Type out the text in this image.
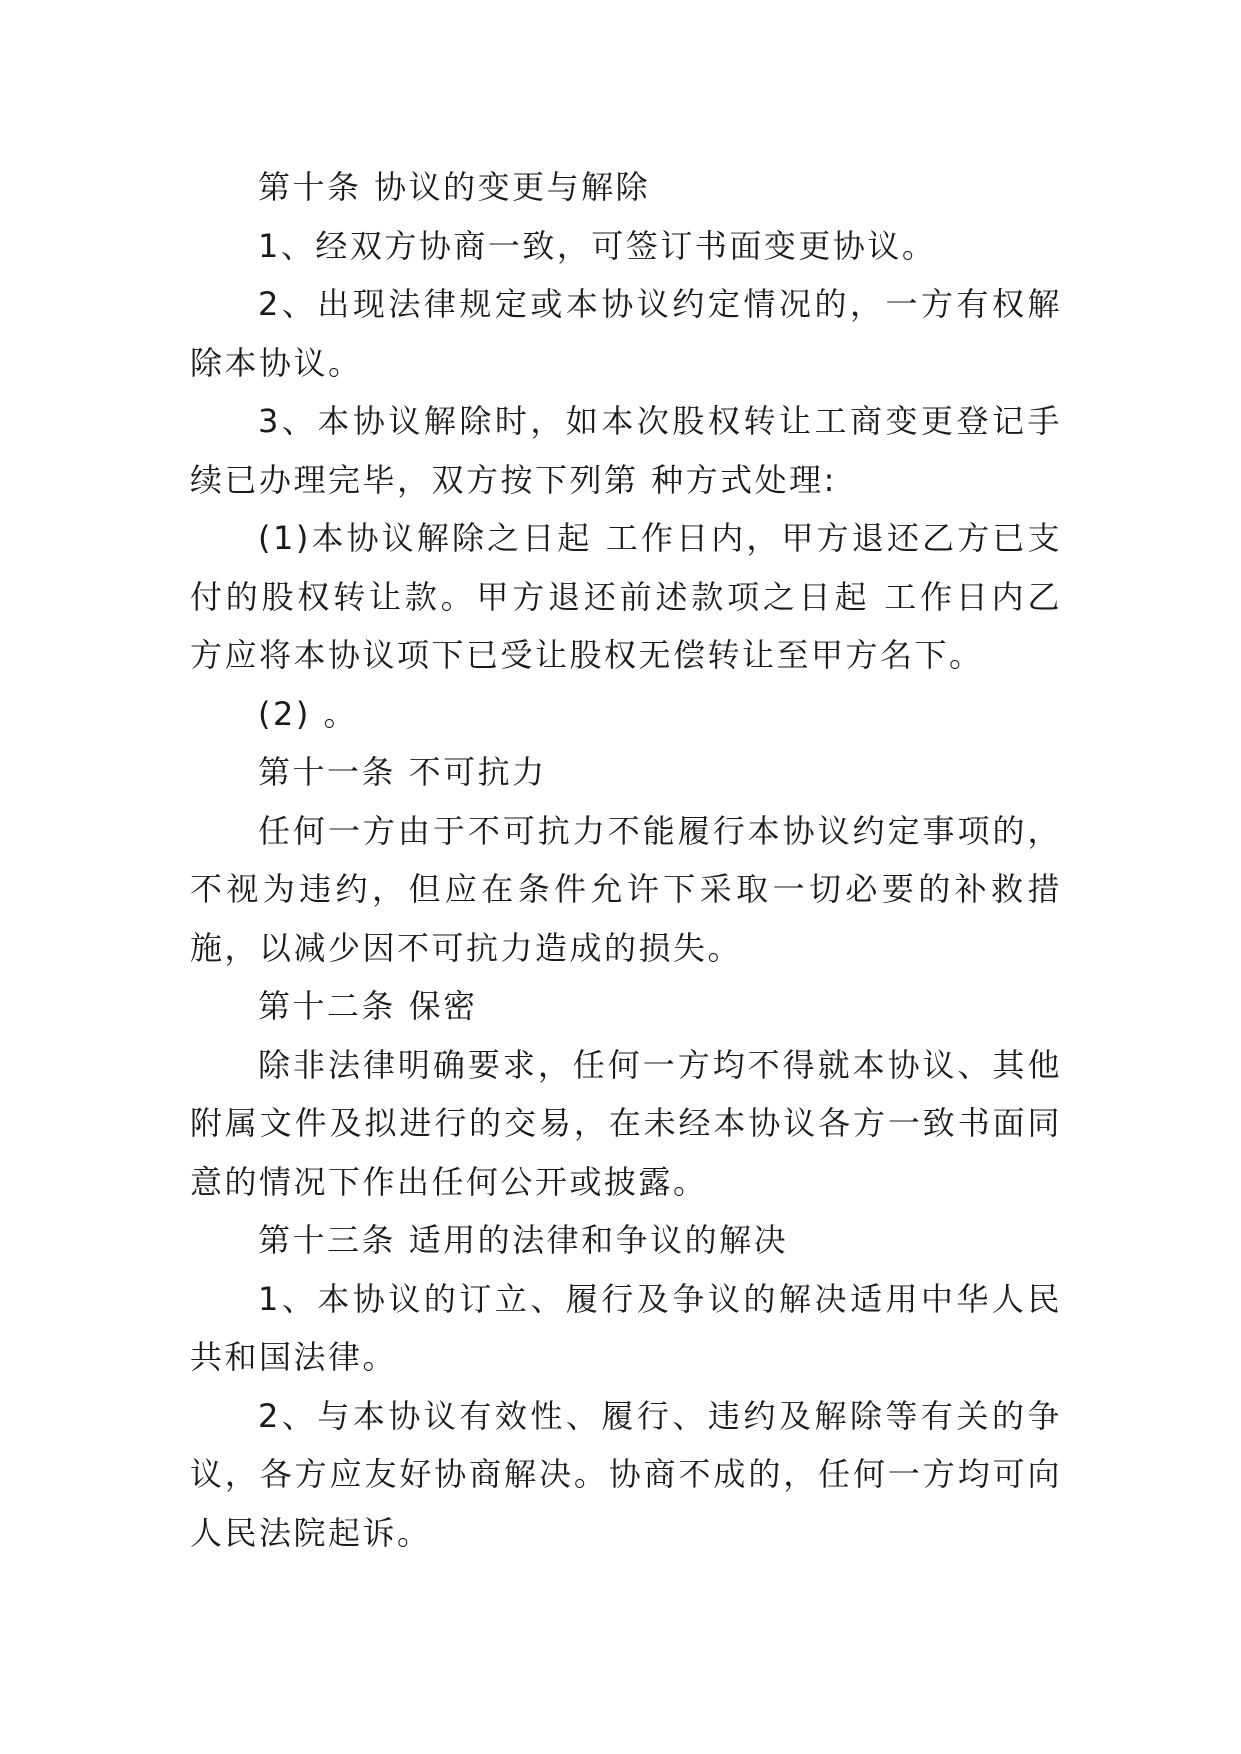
第十条 协议的变更与解除

1、经双方协商一致，可签订书面变更协议。

2、出现法律规定或本协议约定情况的，一方有权解除本协议。

3、本协议解除时，如本次股权转让工商变更登记手续已办理完毕，双方按下列第 种方式处理:

(1)本协议解除之日起 工作日内，甲方退还乙方已支付的股权转让款。甲方退还前述款项之日起 工作日内乙方应将本协议项下已受让股权无偿转让至甲方名下。

(2) 。

第十一条 不可抗力

任何一方由于不可抗力不能履行本协议约定事项的，不视为违约，但应在条件允许下采取一切必要的补救措施，以减少因不可抗力造成的损失。

第十二条 保密

除非法律明确要求，任何一方均不得就本协议、其他附属文件及拟进行的交易，在未经本协议各方一致书面同意的情况下作出任何公开或披露。

第十三条 适用的法律和争议的解决

1、本协议的订立、履行及争议的解决适用中华人民共和国法律。

2、与本协议有效性、履行、违约及解除等有关的争议，各方应友好协商解决。协商不成的，任何一方均可向 人民法院起诉。
